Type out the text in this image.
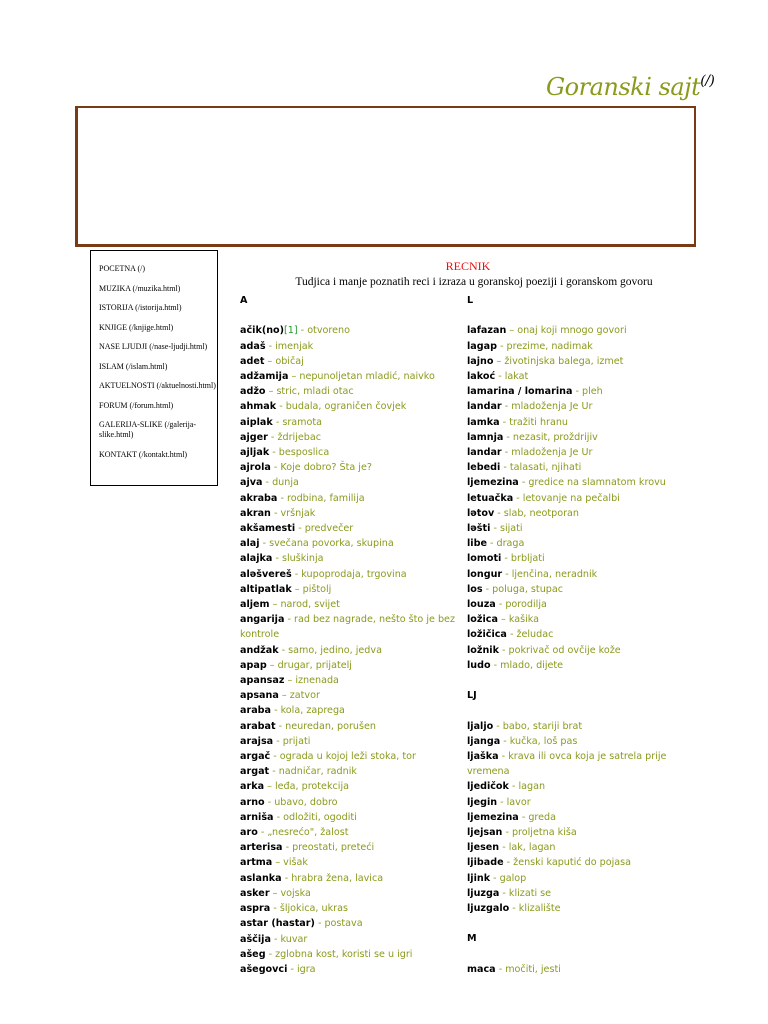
Goranski sajt(/)
POCETNA (/)
MUZIKA (/muzika.html)
ISTORIJA (/istorija.html)
KNJIGE (/knjige.html)
NASE LJUDJI (/nase-ljudji.html)
ISLAM (/islam.html)
AKTUELNOSTI (/aktuelnosti.html)
FORUM (/forum.html)
GALERIJA-SLIKE (/galerija-slike.html)
KONTAKT (/kontakt.html)
RECNIK
Tudjica i manje poznatih reci i izraza u goranskoj poeziji i goranskom govoru
A
ačik(no)[1] - otvoreno
adaš - imenjak
adet – običaj
adžamija – nepunoljetan mladić, naivko
adžo – stric, mladi otac
ahmak - budala, ograničen čovjek
aiplak - sramota
ajger - ždrijebac
ajljak - besposlica
ajrola - Koje dobro? Šta je?
ajva - dunja
akraba - rodbina, familija
akran - vršnjak
akšamesti - predvečer
alaj - svečana povorka, skupina
alajka - sluškinja
alǝšvereš - kupoprodaja, trgovina
altipatlak – pištolj
aljem – narod, svijet
angarija - rad bez nagrade, nešto što je bez kontrole
andžak - samo, jedino, jedva
apap – drugar, prijatelj
apansaz – iznenada
apsana – zatvor
araba - kola, zaprega
arabat - neuredan, porušen
arajsa - prijati
argač - ograda u kojoj leži stoka, tor
argat - nadničar, radnik
arka – leđa, protekcija
arno - ubavo, dobro
arniša - odložiti, ogoditi
aro - „nesrećo", žalost
arterisa - preostati, preteći
artma – višak
aslanka - hrabra žena, lavica
asker – vojska
aspra - šljokica, ukras
astar (hastar) - postava
aščija - kuvar
ašeg - zglobna kost, koristi se u igri ašegovci - igra
L
lafazan – onaj koji mnogo govori
lagap - prezime, nadimak
lajno – životinjska balega, izmet
lakoć - lakat
lamarina / lomarina - pleh
landar - mladoženja Je Ur
lamka - tražiti hranu
lamnja - nezasit, proždrijiv
landar - mladoženja Je Ur
lebedi - talasati, njihati
ljemezina - gredice na slamnatom krovu
letuačka - letovanje na pečalbi
lǝtov - slab, neotporan
lǝšti - sijati
libe - draga
lomoti - brbljati
longur - ljenčina, neradnik
los - poluga, stupac
louza - porodilja
ložica – kašika
ložičica - želudac
ložnik - pokrivač od ovčije kože
ludo - mlado, dijete
LJ
ljaljo - babo, stariji brat
ljanga - kučka, loš pas
ljaška - krava ili ovca koja je satrela prije vremena
ljedičok - lagan
ljegin - lavor
ljemezina - greda
ljejsan - proljetna kiša
ljesen - lak, lagan
ljibade - ženski kaputić do pojasa
ljink - galop
ljuzga - klizati se
ljuzgalo - klizalište
M
maca - močiti, jesti
